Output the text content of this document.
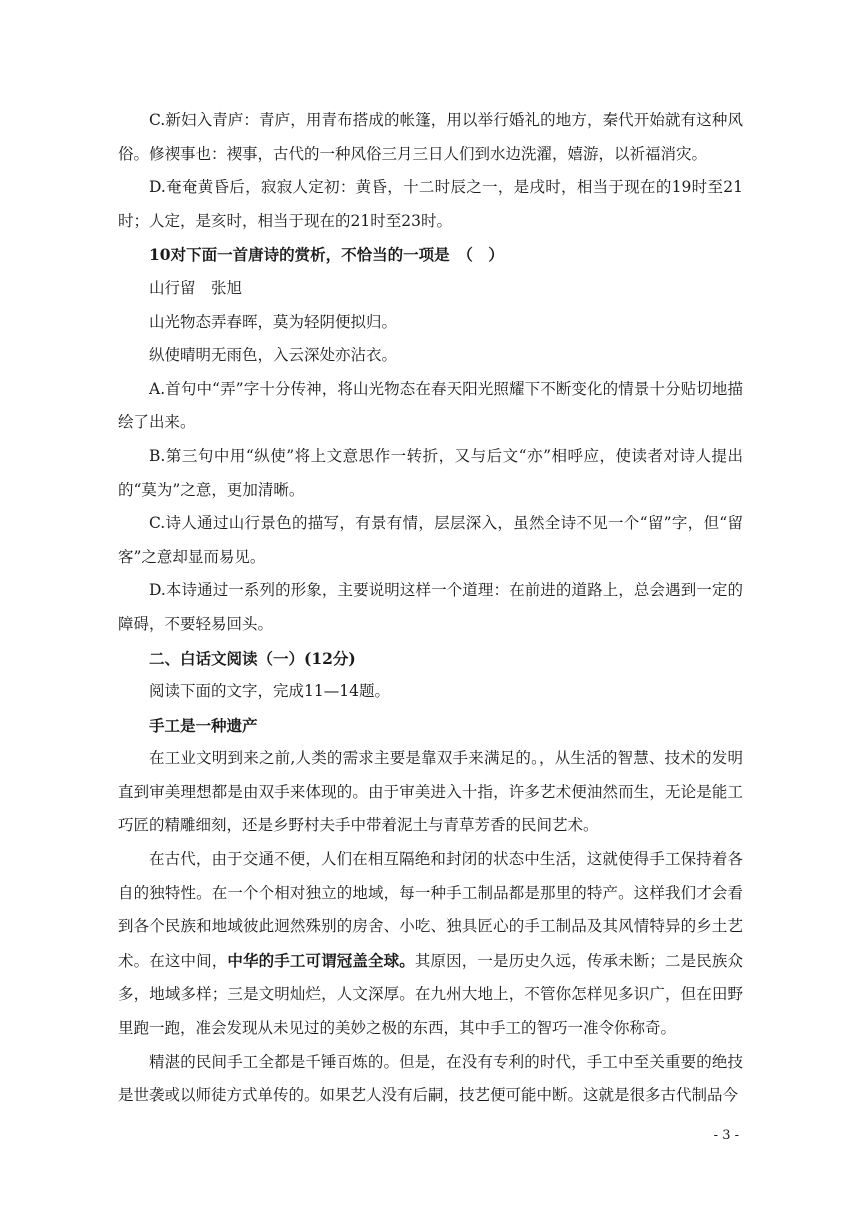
C.新妇入青庐：青庐，用青布搭成的帐篷，用以举行婚礼的地方，秦代开始就有这种风俗。修禊事也：禊事，古代的一种风俗三月三日人们到水边洗濯，嬉游，以祈福消灾。

D.奄奄黄昏后，寂寂人定初：黄昏，十二时辰之一，是戌时，相当于现在的19时至21时；人定，是亥时，相当于现在的21时至23时。

10对下面一首唐诗的赏析，不恰当的一项是　（　）

山行留　张旭

山光物态弄春晖，莫为轻阴便拟归。

纵使晴明无雨色，入云深处亦沾衣。

A.首句中“弄”字十分传神，将山光物态在春天阳光照耀下不断变化的情景十分贴切地描绘了出来。

B.第三句中用“纵使”将上文意思作一转折，又与后文“亦”相呼应，使读者对诗人提出的“莫为”之意，更加清晰。

C.诗人通过山行景色的描写，有景有情，层层深入，虽然全诗不见一个“留”字，但“留客”之意却显而易见。

D.本诗通过一系列的形象，主要说明这样一个道理：在前进的道路上，总会遇到一定的障碍，不要轻易回头。

二、白话文阅读（一）(12分)

阅读下面的文字，完成11—14题。

手工是一种遗产

在工业文明到来之前,人类的需求主要是靠双手来满足的。，从生活的智慧、技术的发明直到审美理想都是由双手来体现的。由于审美进入十指，许多艺术便油然而生，无论是能工巧匠的精雕细刻，还是乡野村夫手中带着泥土与青草芳香的民间艺术。

在古代，由于交通不便，人们在相互隔绝和封闭的状态中生活，这就使得手工保持着各自的独特性。在一个个相对独立的地域，每一种手工制品都是那里的特产。这样我们才会看到各个民族和地域彼此迥然殊别的房舍、小吃、独具匠心的手工制品及其风情特异的乡土艺术。在这中间，中华的手工可谓冠盖全球。其原因，一是历史久远，传承未断；二是民族众多，地域多样；三是文明灿烂，人文深厚。在九州大地上，不管你怎样见多识广，但在田野里跑一跑，准会发现从未见过的美妙之极的东西，其中手工的智巧一准令你称奇。

精湛的民间手工全都是千锤百炼的。但是，在没有专利的时代，手工中至关重要的绝技是世袭或以师徒方式单传的。如果艺人没有后嗣，技艺便可能中断。这就是很多古代制品今

- 3 -
